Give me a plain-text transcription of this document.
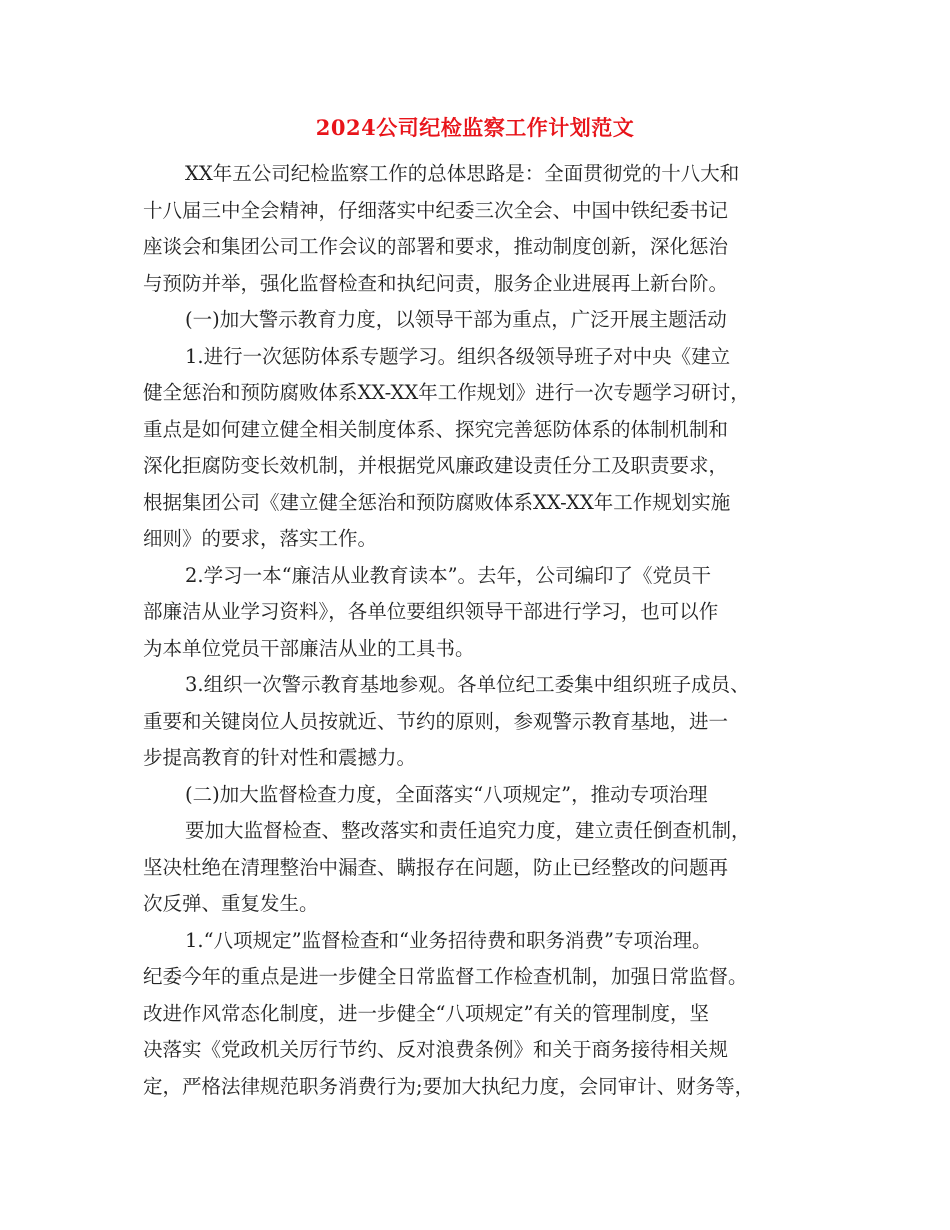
2024公司纪检监察工作计划范文
XX年五公司纪检监察工作的总体思路是：全面贯彻党的十八大和
十八届三中全会精神，仔细落实中纪委三次全会、中国中铁纪委书记
座谈会和集团公司工作会议的部署和要求，推动制度创新，深化惩治
与预防并举，强化监督检查和执纪问责，服务企业进展再上新台阶。
(一)加大警示教育力度，以领导干部为重点，广泛开展主题活动
1.进行一次惩防体系专题学习。组织各级领导班子对中央《建立
健全惩治和预防腐败体系XX-XX年工作规划》进行一次专题学习研讨，
重点是如何建立健全相关制度体系、探究完善惩防体系的体制机制和
深化拒腐防变长效机制，并根据党风廉政建设责任分工及职责要求，
根据集团公司《建立健全惩治和预防腐败体系XX-XX年工作规划实施
细则》的要求，落实工作。
2.学习一本“廉洁从业教育读本”。去年，公司编印了《党员干
部廉洁从业学习资料》，各单位要组织领导干部进行学习，也可以作
为本单位党员干部廉洁从业的工具书。
3.组织一次警示教育基地参观。各单位纪工委集中组织班子成员、
重要和关键岗位人员按就近、节约的原则，参观警示教育基地，进一
步提高教育的针对性和震撼力。
(二)加大监督检查力度，全面落实“八项规定”，推动专项治理
要加大监督检查、整改落实和责任追究力度，建立责任倒查机制，
坚决杜绝在清理整治中漏查、瞒报存在问题，防止已经整改的问题再
次反弹、重复发生。
1.“八项规定”监督检查和“业务招待费和职务消费”专项治理。
纪委今年的重点是进一步健全日常监督工作检查机制，加强日常监督。
改进作风常态化制度，进一步健全“八项规定”有关的管理制度，坚
决落实《党政机关厉行节约、反对浪费条例》和关于商务接待相关规
定，严格法律规范职务消费行为;要加大执纪力度，会同审计、财务等，
